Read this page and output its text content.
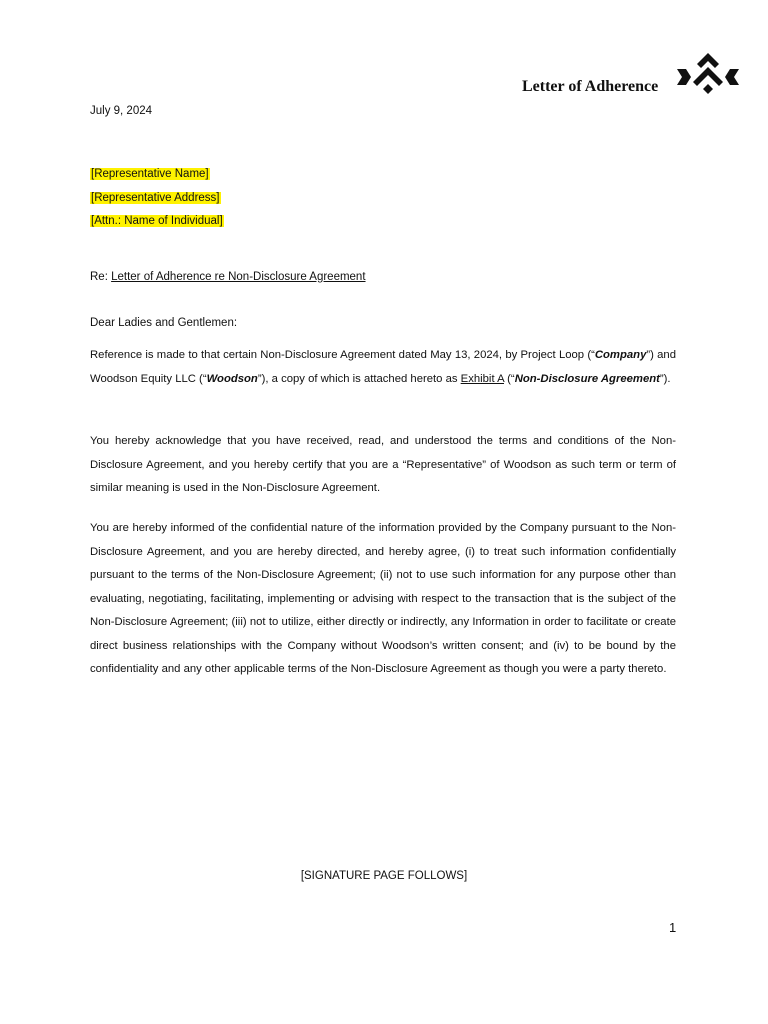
Letter of Adherence
July 9, 2024
[Representative Name]
[Representative Address]
[Attn.: Name of Individual]
Re: Letter of Adherence re Non-Disclosure Agreement
Dear Ladies and Gentlemen:
Reference is made to that certain Non-Disclosure Agreement dated May 13, 2024, by Project Loop (“Company”) and Woodson Equity LLC (“Woodson”), a copy of which is attached hereto as Exhibit A (“Non-Disclosure Agreement”).
You hereby acknowledge that you have received, read, and understood the terms and conditions of the Non-Disclosure Agreement, and you hereby certify that you are a “Representative” of Woodson as such term or term of similar meaning is used in the Non-Disclosure Agreement.
You are hereby informed of the confidential nature of the information provided by the Company pursuant to the Non-Disclosure Agreement, and you are hereby directed, and hereby agree, (i) to treat such information confidentially pursuant to the terms of the Non-Disclosure Agreement; (ii) not to use such information for any purpose other than evaluating, negotiating, facilitating, implementing or advising with respect to the transaction that is the subject of the Non-Disclosure Agreement; (iii) not to utilize, either directly or indirectly, any Information in order to facilitate or create direct business relationships with the Company without Woodson’s written consent; and (iv) to be bound by the confidentiality and any other applicable terms of the Non-Disclosure Agreement as though you were a party thereto.
[SIGNATURE PAGE FOLLOWS]
1
